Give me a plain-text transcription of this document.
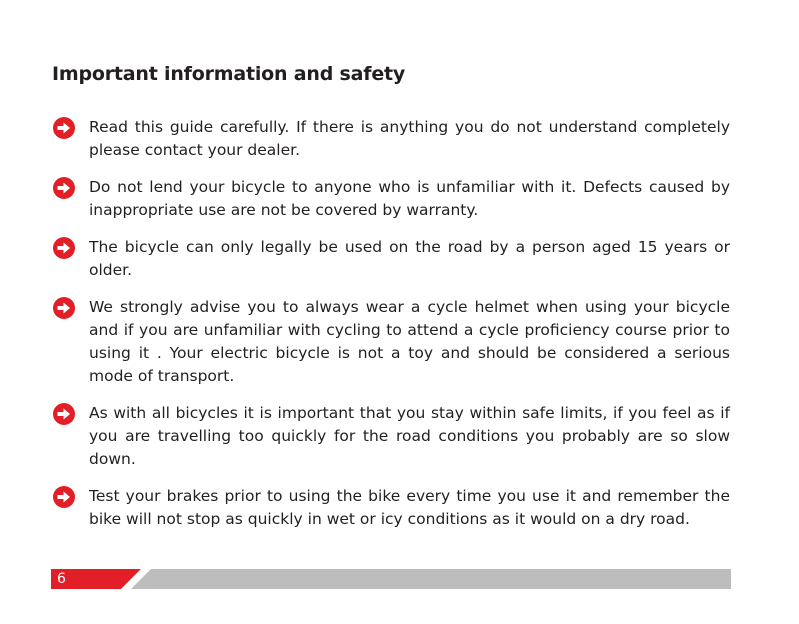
Important information and safety
Read this guide carefully. If there is anything you do not understand completely please contact your dealer.
Do not lend your bicycle to anyone who is unfamiliar with it. Defects caused by inappropriate use are not be covered by warranty.
The bicycle can only legally be used on the road by a person aged 15 years or older.
We strongly advise you to always wear a cycle helmet when using your bicycle and if you are unfamiliar with cycling to attend a cycle proficiency course prior to using it . Your electric bicycle is not a toy and should be considered a serious mode of transport.
As with all bicycles it is important that you stay within safe limits, if you feel as if you are travelling too quickly for the road conditions you probably are so slow down.
Test your brakes prior to using the bike every time you use it and remember the bike will not stop as quickly in wet or icy conditions as it would on a dry road.
6
